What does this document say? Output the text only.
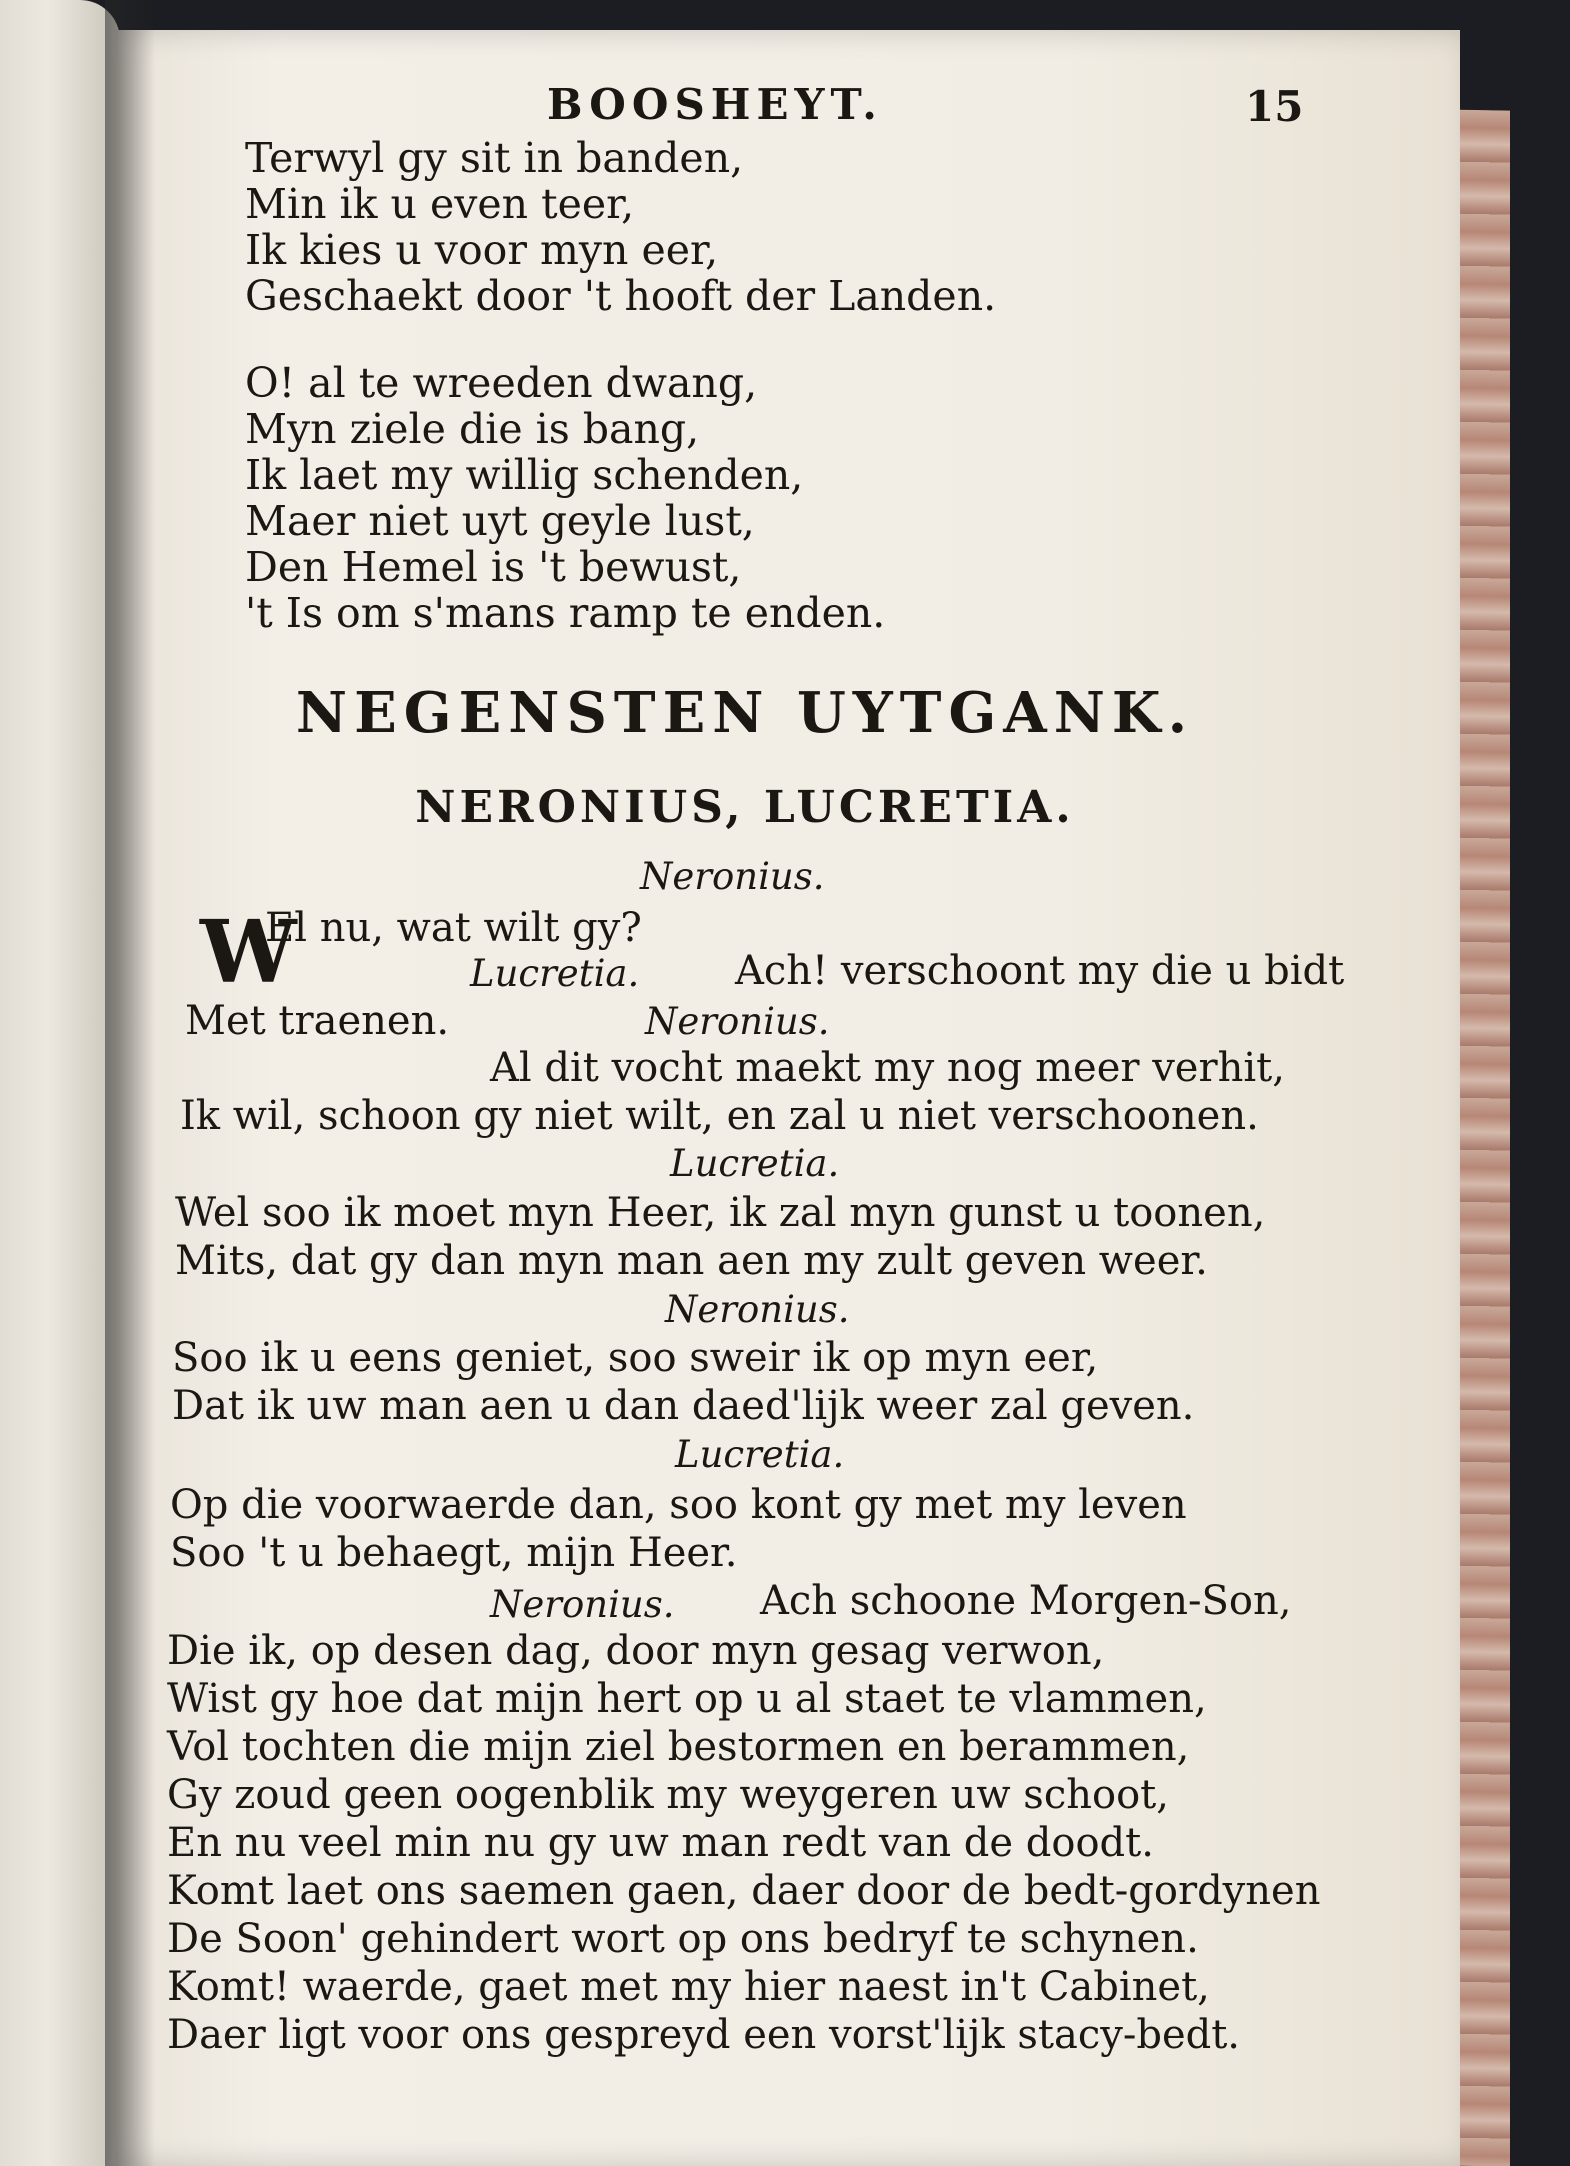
BOOSHEYT.	15
Terwyl gy sit in banden,
Min ik u even teer,
Ik kies u voor myn eer,
Geschaekt door 't hooft der Landen.
O! al te wreeden dwang,
Myn ziele die is bang,
Ik laet my willig schenden,
Maer niet uyt geyle lust,
Den Hemel is 't bewust,
't Is om s'mans ramp te enden.
NEGENSTEN UYTGANK.
NERONIUS, LUCRETIA.
Neronius.
W
El nu, wat wilt gy?
Lucretia. Ach! verschoont my die u bidt
Met traenen.	Neronius.
Al dit vocht maekt my nog meer verhit,
Ik wil, schoon gy niet wilt, en zal u niet verschoonen.
Lucretia.
Wel soo ik moet myn Heer, ik zal myn gunst u toonen,
Mits, dat gy dan myn man aen my zult geven weer.
Neronius.
Soo ik u eens geniet, soo sweir ik op myn eer,
Dat ik uw man aen u dan daed'lijk weer zal geven.
Lucretia.
Op die voorwaerde dan, soo kont gy met my leven
Soo 't u behaegt, mijn Heer.
Neronius. Ach schoone Morgen-Son,
Die ik, op desen dag, door myn gesag verwon,
Wist gy hoe dat mijn hert op u al staet te vlammen,
Vol tochten die mijn ziel bestormen en berammen,
Gy zoud geen oogenblik my weygeren uw schoot,
En nu veel min nu gy uw man redt van de doodt.
Komt laet ons saemen gaen, daer door de bedt-gordynen
De Soon' gehindert wort op ons bedryf te schynen.
Komt! waerde, gaet met my hier naest in't Cabinet,
Daer ligt voor ons gespreyd een vorst'lijk stacy-bedt.
